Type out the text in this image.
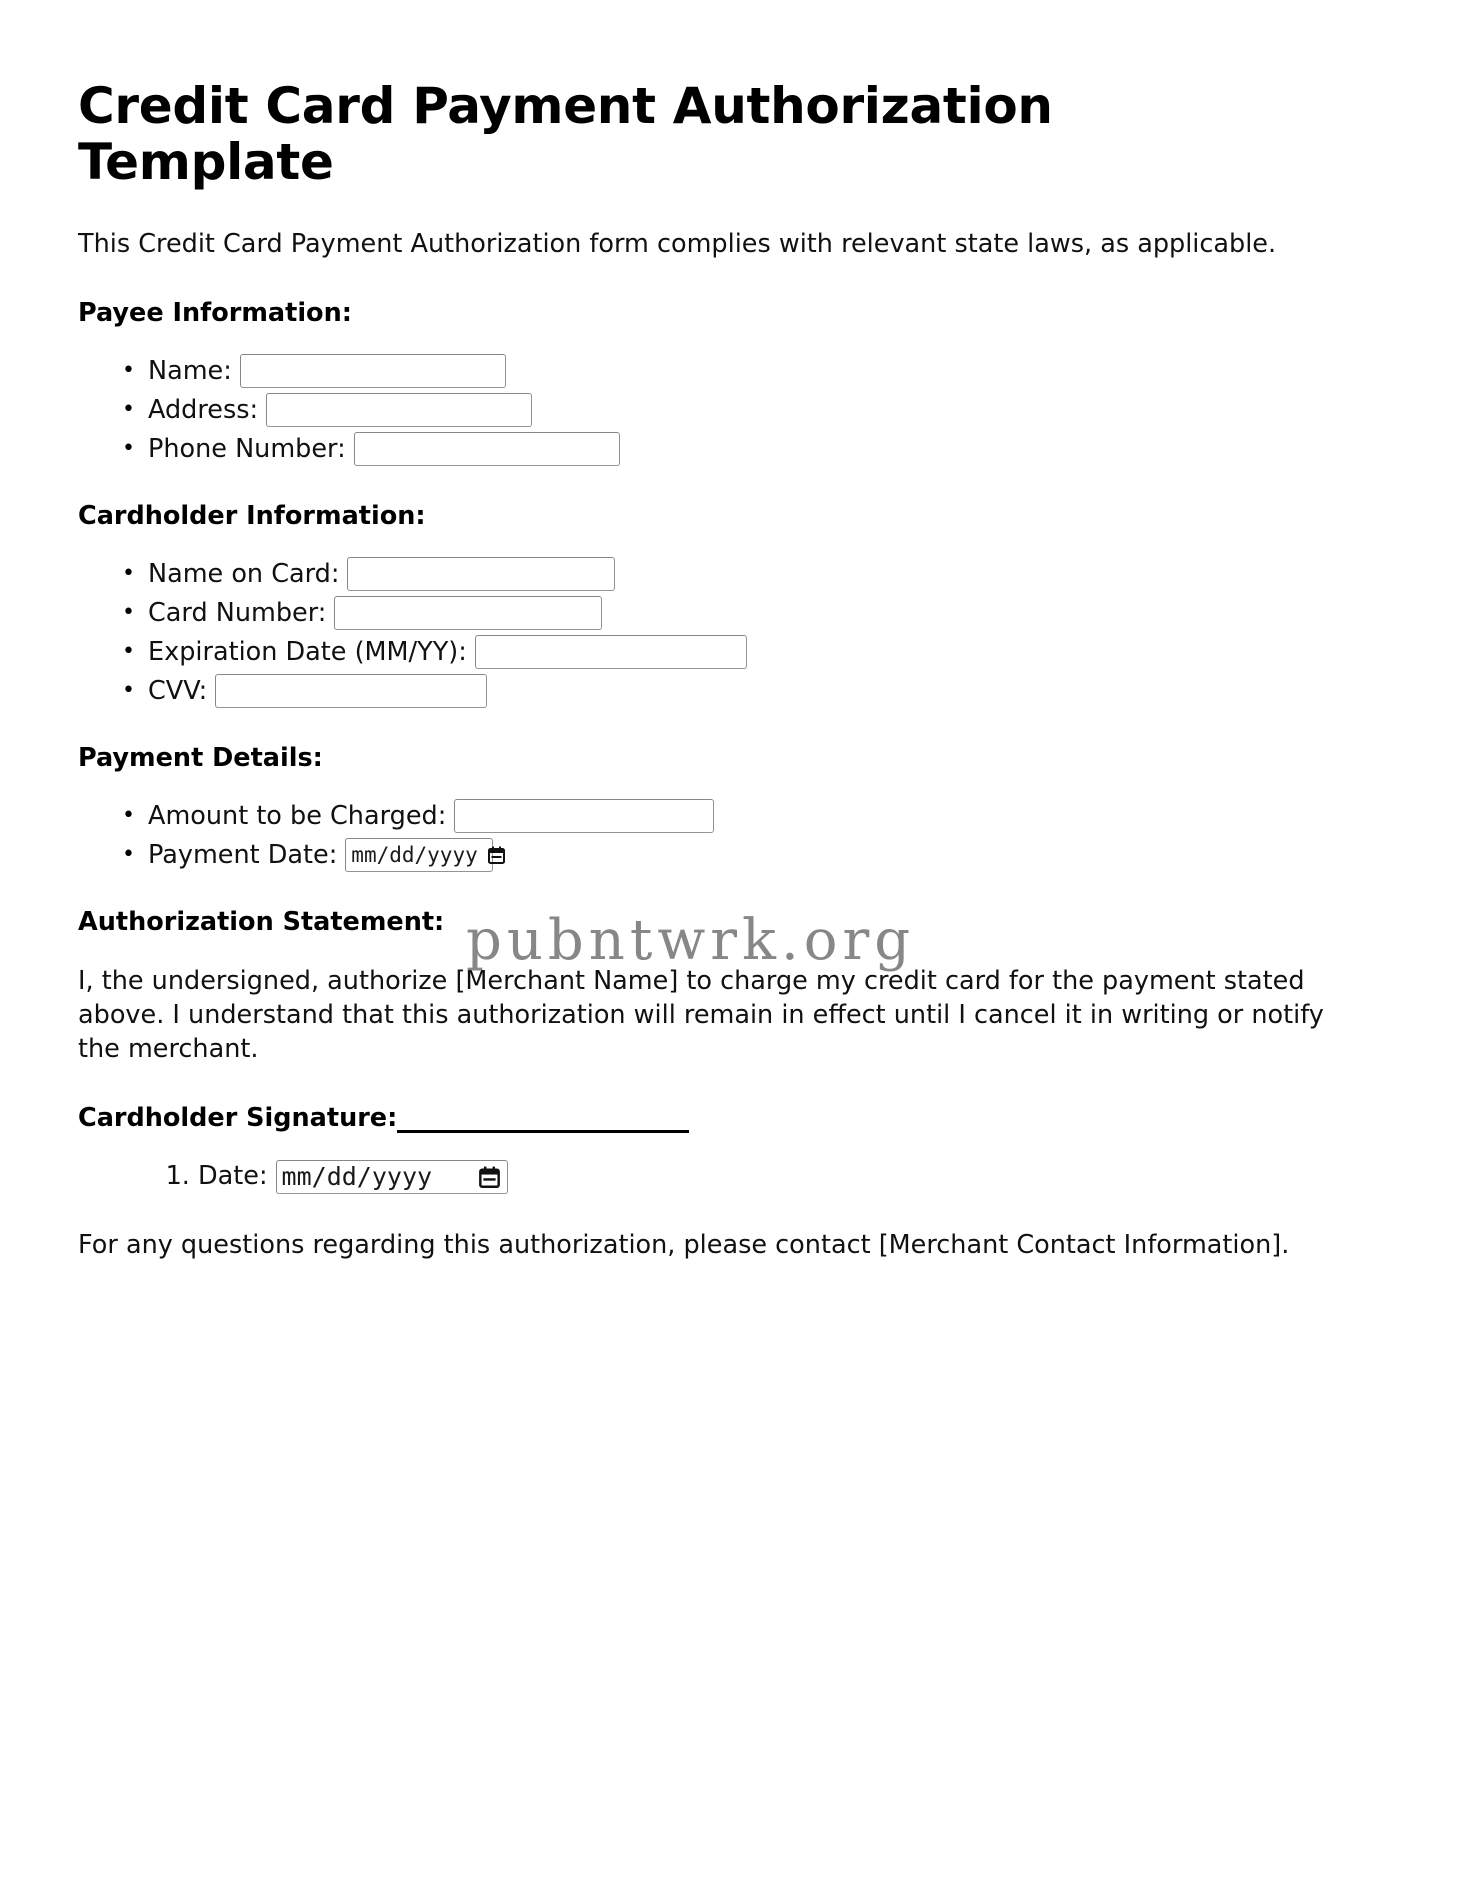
Credit Card Payment Authorization Template

This Credit Card Payment Authorization form complies with relevant state laws, as applicable.

Payee Information:
• Name:
• Address:
• Phone Number:
Cardholder Information:
• Name on Card:
• Card Number:
• Expiration Date (MM/YY):
• CVV:
Payment Details:
• Amount to be Charged:
• Payment Date: mm/dd/yyyy
Authorization Statement:

I, the undersigned, authorize [Merchant Name] to charge my credit card for the payment stated above. I understand that this authorization will remain in effect until I cancel it in writing or notify the merchant.

Cardholder Signature:
1. Date: mm/dd/yyyy

For any questions regarding this authorization, please contact [Merchant Contact Information].

pubntwrk.org
